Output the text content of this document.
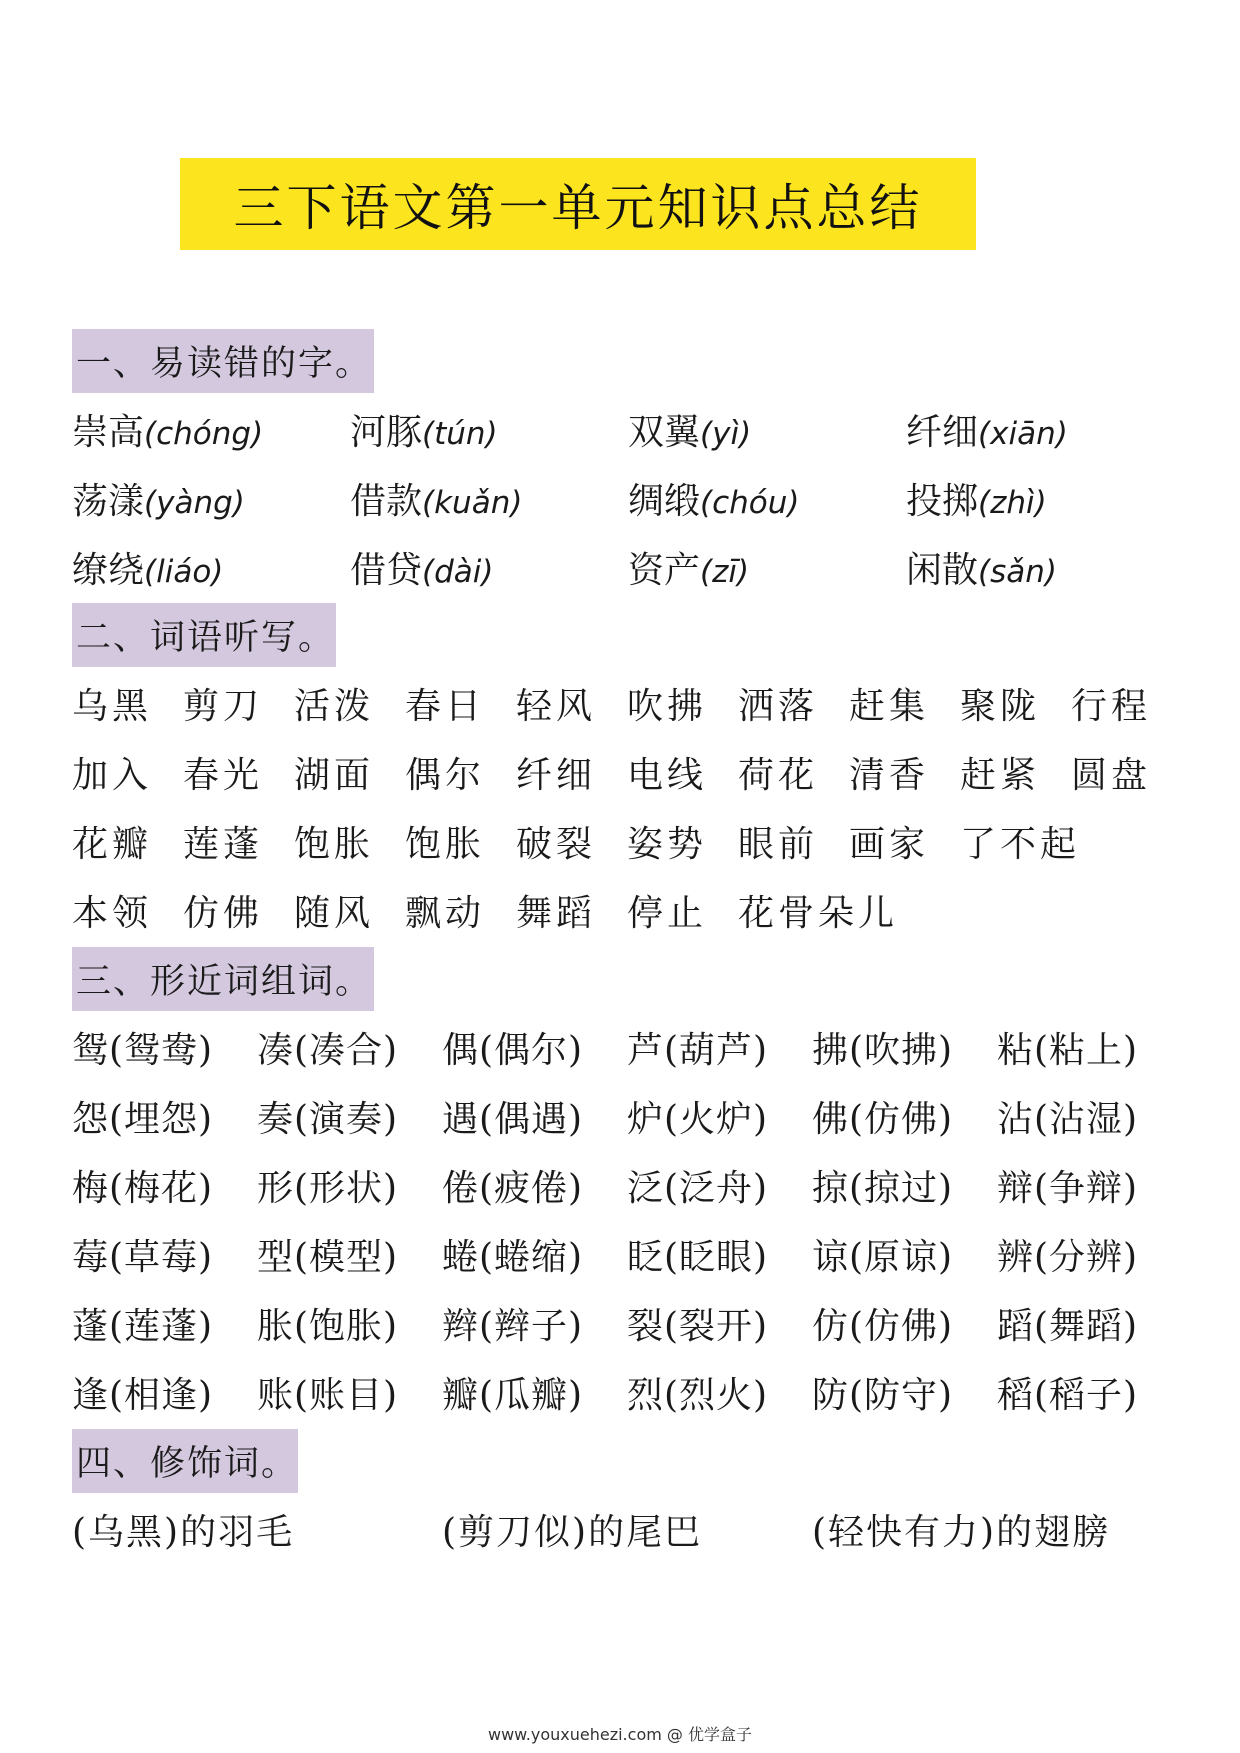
三下语文第一单元知识点总结
一、易读错的字。
崇高(chóng) 河豚(tún)	双翼(yì)	纤细(xiān)
荡漾(yàng)	借款(kuǎn)	绸缎(chóu)	投掷(zhì)
缭绕(liáo)	借贷(dài)	资产(zī)	闲散(sǎn)
二、词语听写。
乌黑 剪刀 活泼 春日 轻风 吹拂 洒落 赶集 聚陇 行程
加入 春光 湖面 偶尔 纤细 电线 荷花 清香 赶紧 圆盘
花瓣 莲蓬 饱胀 饱胀 破裂 姿势 眼前 画家 了不起
本领 仿佛 随风 飘动 舞蹈 停止 花骨朵儿
三、形近词组词。
鸳(鸳鸯) 凑(凑合) 偶(偶尔) 芦(葫芦) 拂(吹拂) 粘(粘上)
怨(埋怨) 奏(演奏) 遇(偶遇) 炉(火炉) 佛(仿佛) 沾(沾湿)
梅(梅花) 形(形状) 倦(疲倦) 泛(泛舟) 掠(掠过) 辩(争辩)
莓(草莓) 型(模型) 蜷(蜷缩) 眨(眨眼) 谅(原谅) 辨(分辨)
蓬(莲蓬) 胀(饱胀) 辫(辫子) 裂(裂开) 仿(仿佛) 蹈(舞蹈)
逢(相逢) 账(账目) 瓣(瓜瓣) 烈(烈火) 防(防守) 稻(稻子)
四、修饰词。
(乌黑)的羽毛	(剪刀似)的尾巴	(轻快有力)的翅膀
www.youxuehezi.com @ 优学盒子
